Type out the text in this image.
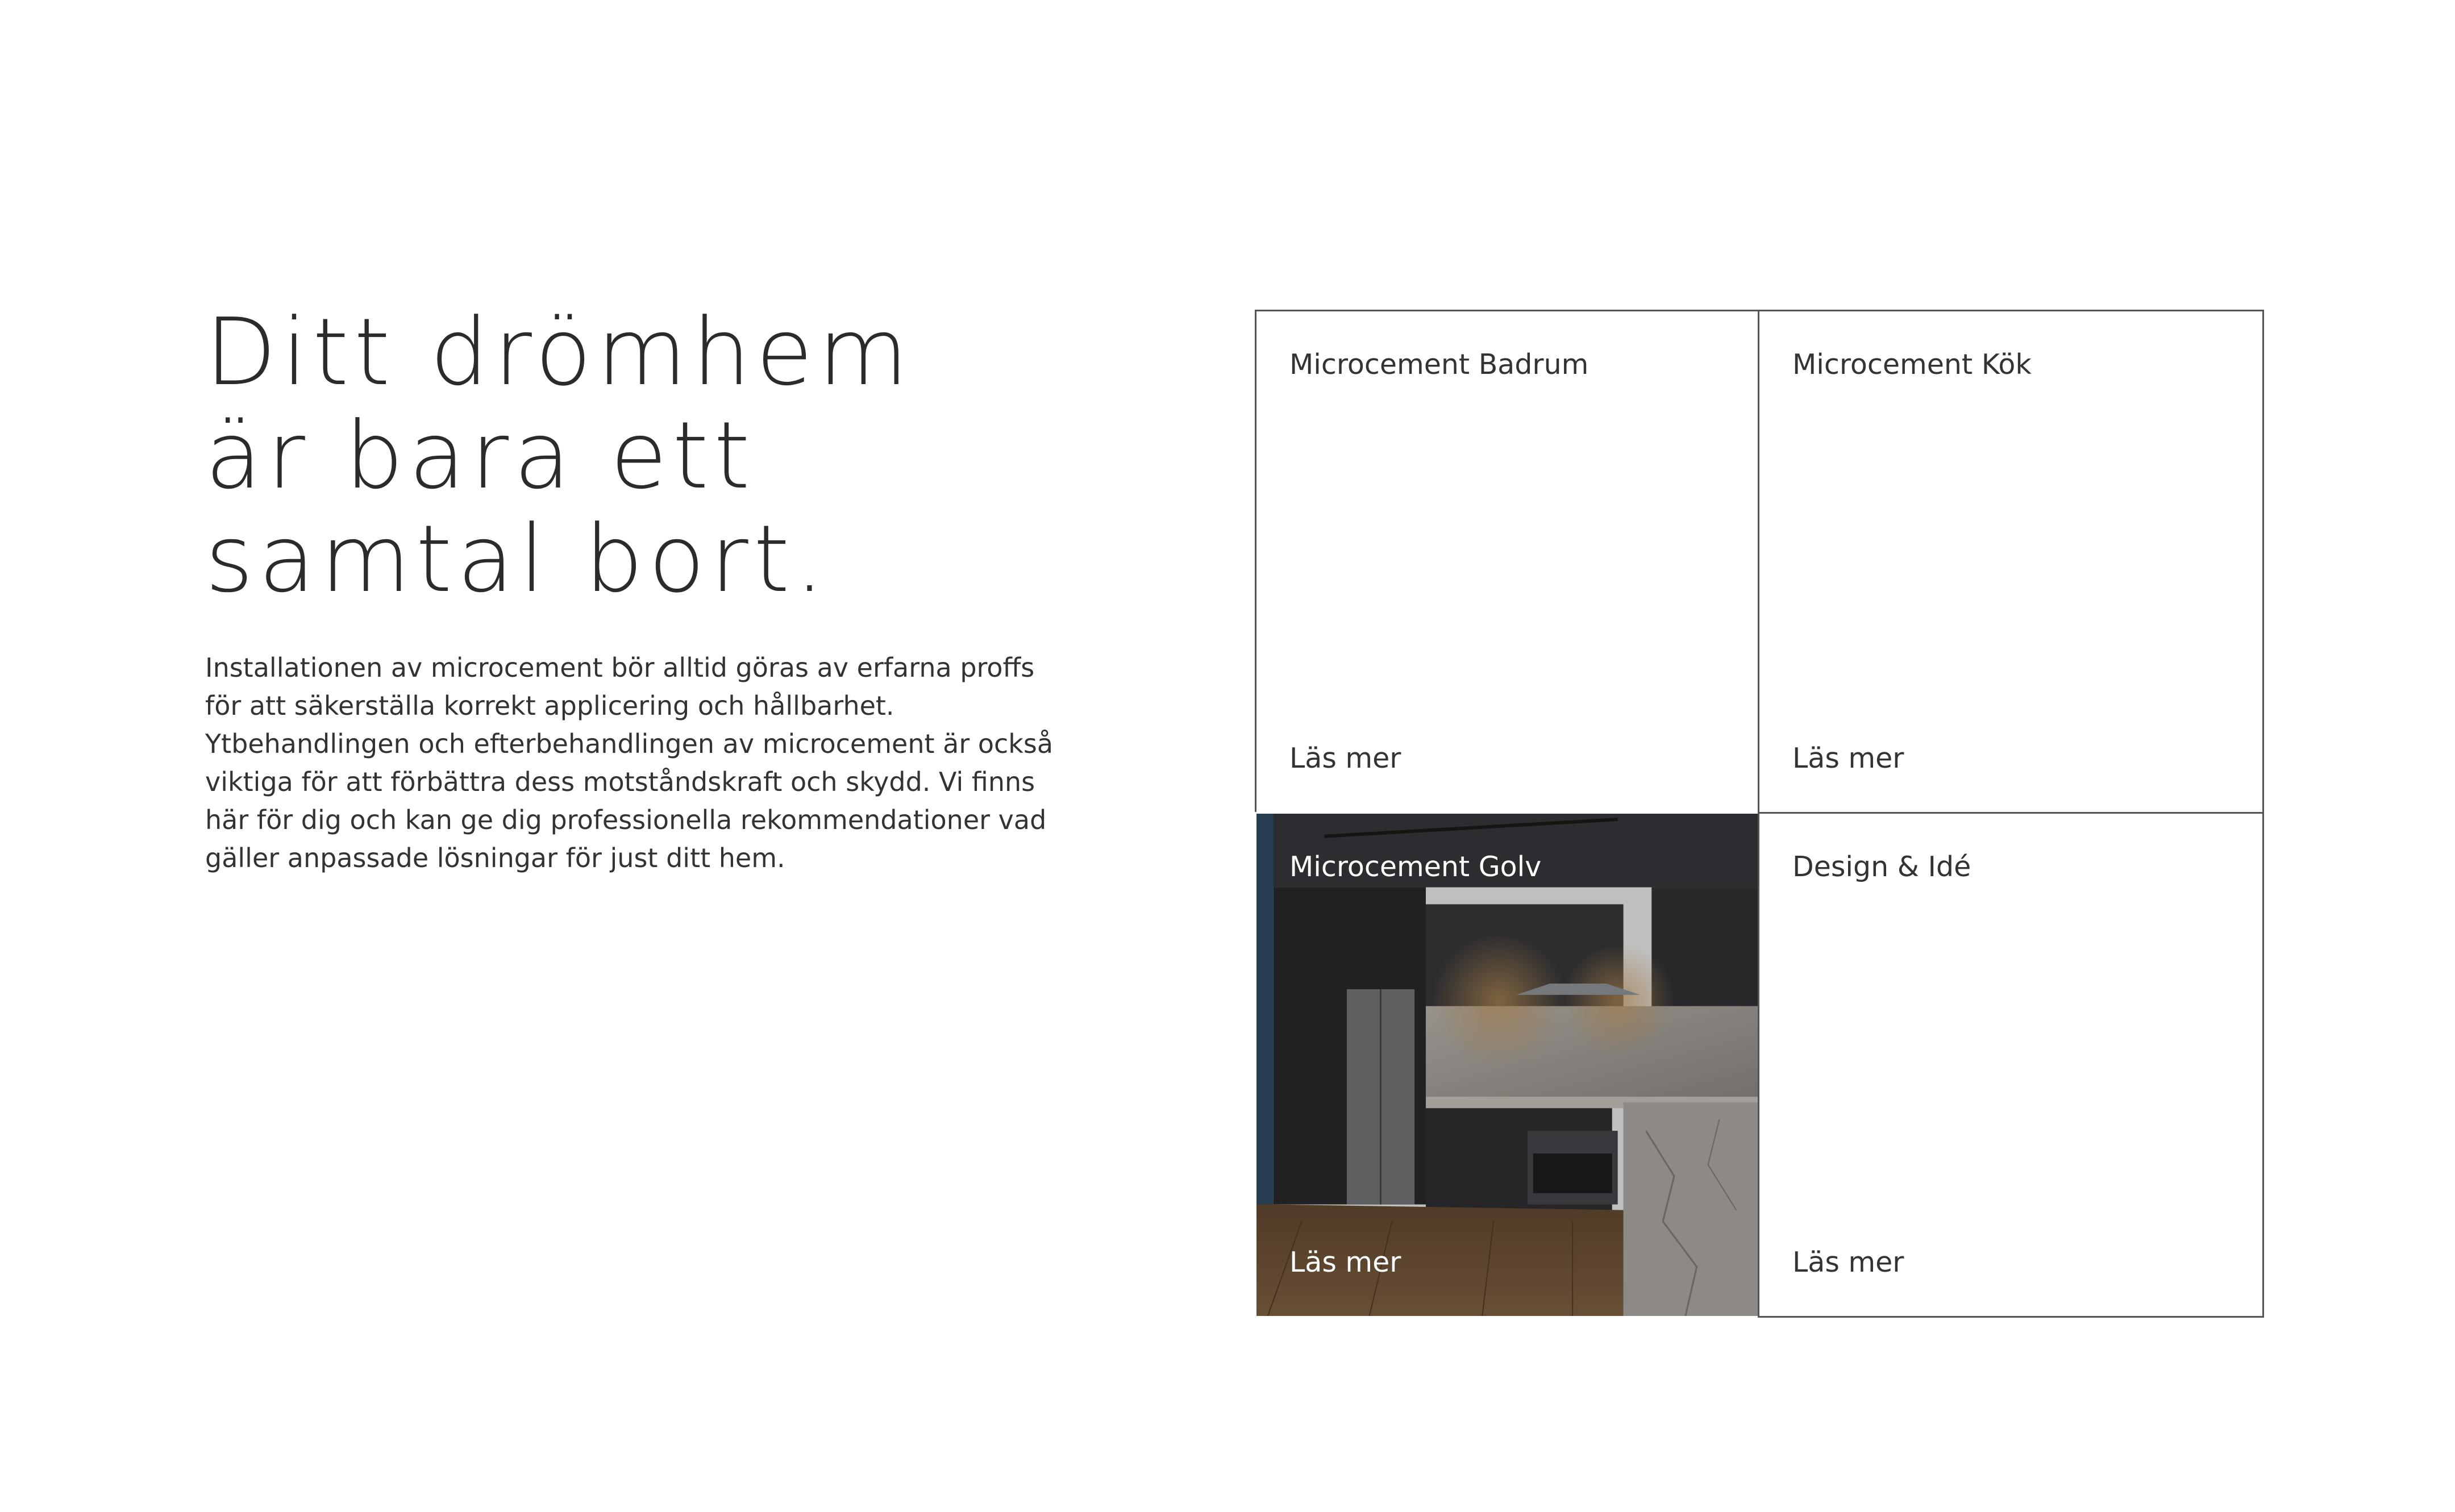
Ditt drömhem är bara ett samtal bort.

Installationen av microcement bör alltid göras av erfarna proffs för att säkerställa korrekt applicering och hållbarhet. Ytbehandlingen och efterbehandlingen av microcement är också viktiga för att förbättra dess motståndskraft och skydd. Vi finns här för dig och kan ge dig professionella rekommendationer vad gäller anpassade lösningar för just ditt hem.

Microcement Badrum
Läs mer
Microcement Kök
Läs mer
Microcement Golv
Läs mer
Design & Idé
Läs mer
